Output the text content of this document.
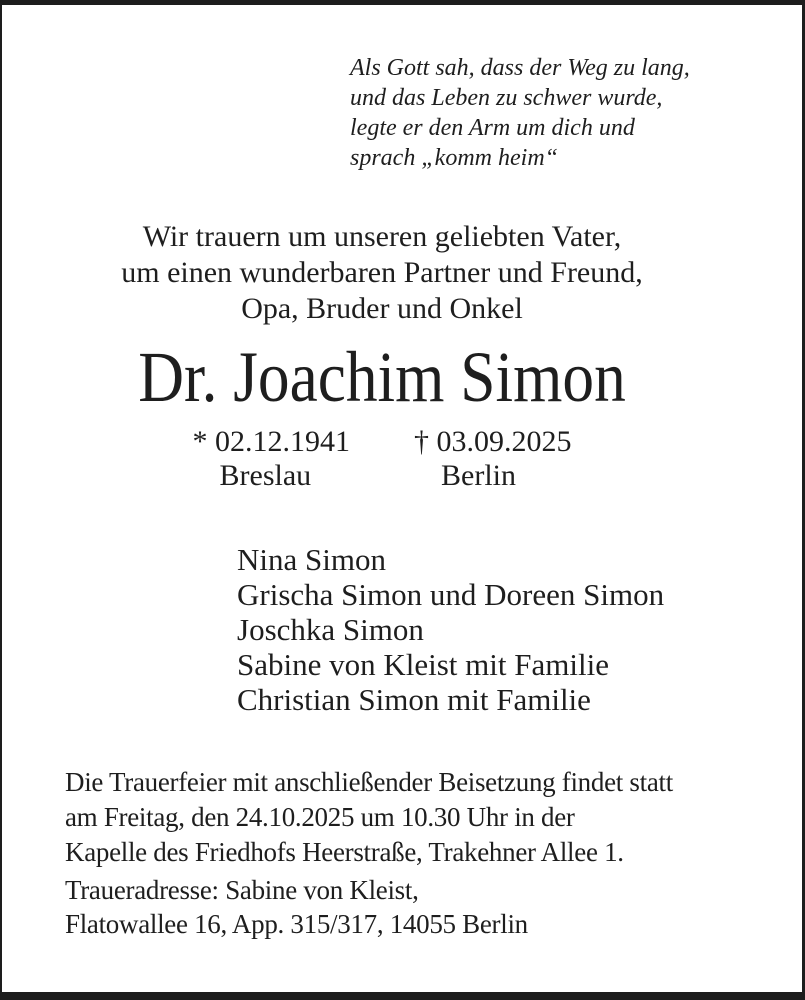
Als Gott sah, dass der Weg zu lang,
und das Leben zu schwer wurde,
legte er den Arm um dich und
sprach „komm heim“
Wir trauern um unseren geliebten Vater,
um einen wunderbaren Partner und Freund,
Opa, Bruder und Onkel
Dr. Joachim Simon
* 02.12.1941
Breslau
† 03.09.2025
Berlin
Nina Simon
Grischa Simon und Doreen Simon
Joschka Simon
Sabine von Kleist mit Familie
Christian Simon mit Familie
Die Trauerfeier mit anschließender Beisetzung findet statt
am Freitag, den 24.10.2025 um 10.30 Uhr in der
Kapelle des Friedhofs Heerstraße, Trakehner Allee 1.
Traueradresse: Sabine von Kleist,
Flatowallee 16, App. 315/317, 14055 Berlin
